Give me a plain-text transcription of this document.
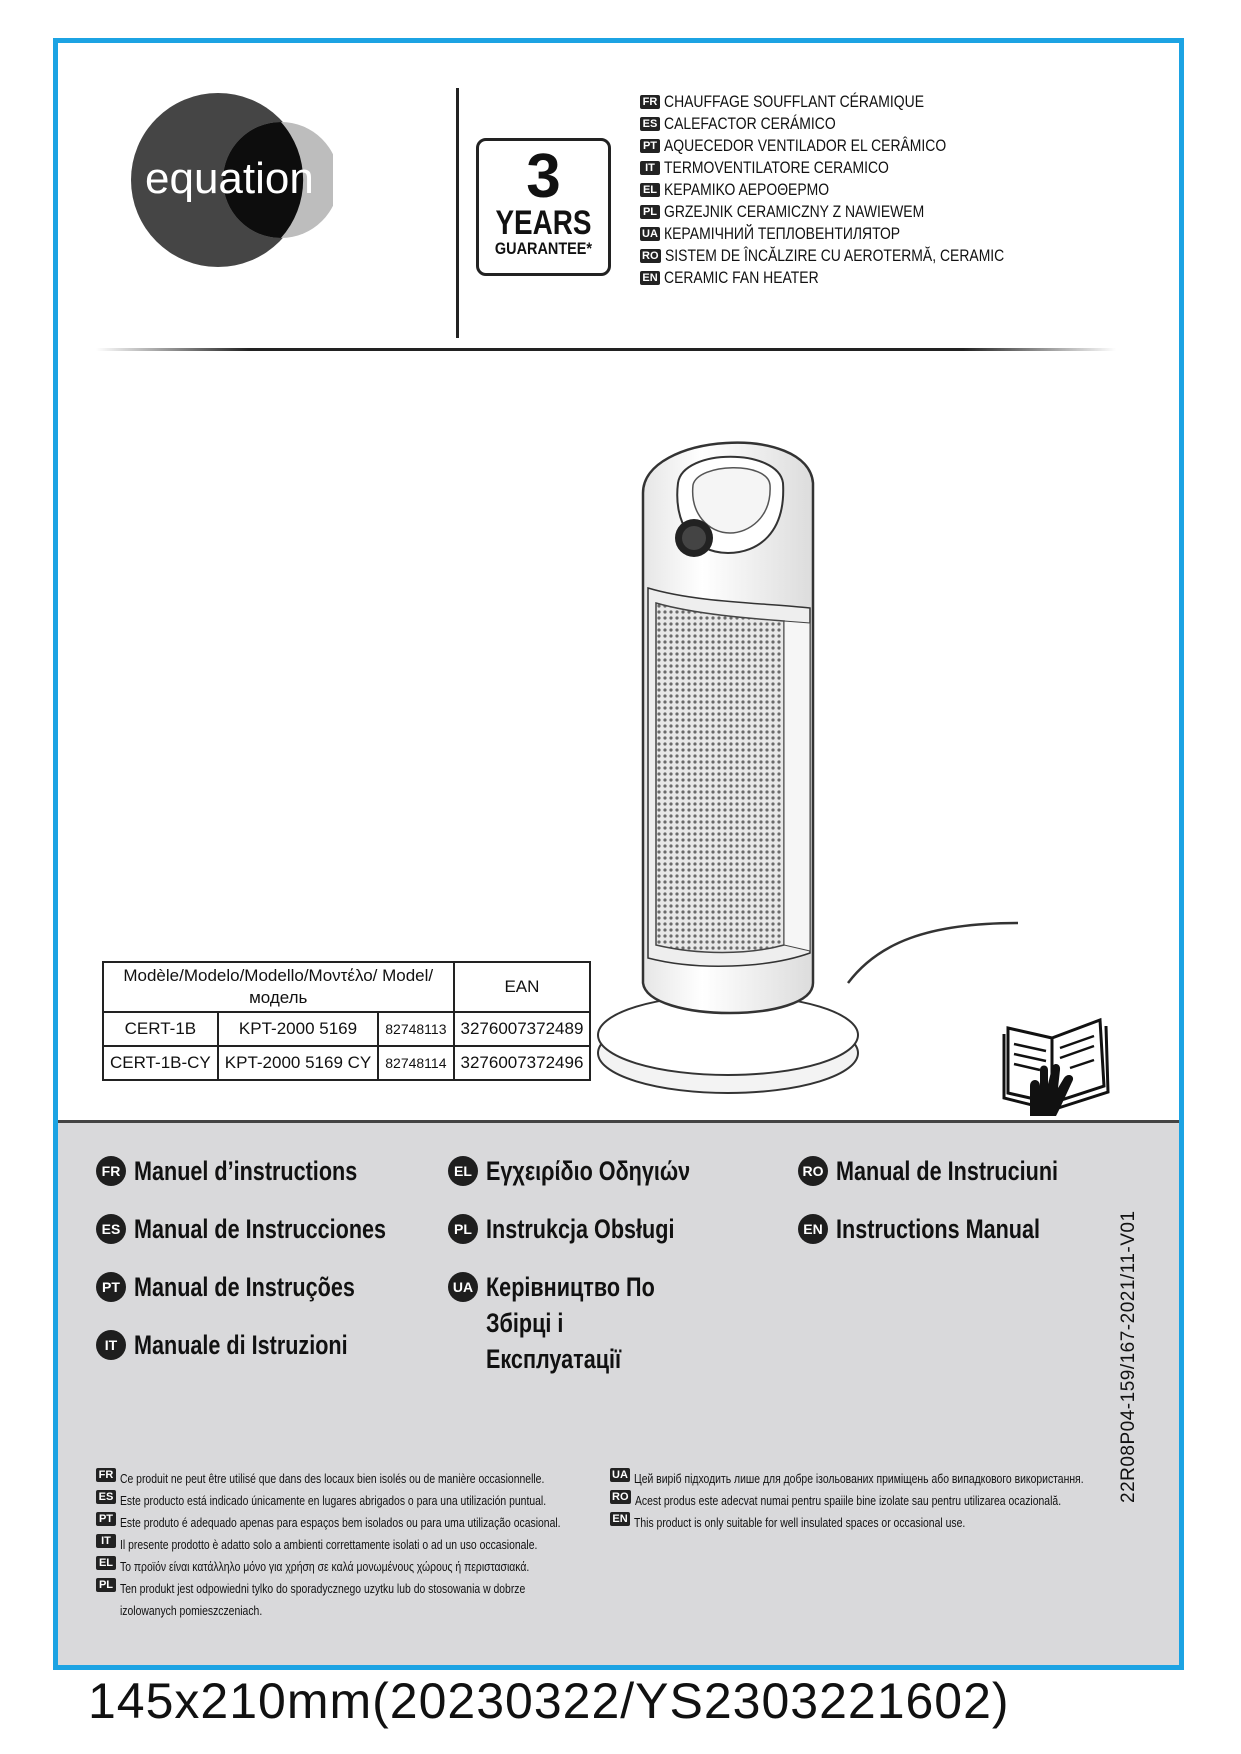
equation	3
YEARS
GUARANTEE*
FR CHAUFFAGE SOUFFLANT CÉRAMIQUE
ES CALEFACTOR CERÁMICO
PT AQUECEDOR VENTILADOR EL CERÂMICO
IT TERMOVENTILATORE CERAMICO
EL ΚΕΡΑΜΙΚΟ ΑΕΡΟΘΕΡΜΟ
PL GRZEJNIK CERAMICZNY Z NAWIEWEM
UA КЕРАМІЧНИЙ ТЕПЛОВЕНТИЛЯТОР
RO SISTEM DE ÎNCĂLZIRE CU AEROTERMĂ, CERAMIC
EN CERAMIC FAN HEATER
Modèle/Modelo/Modello/Μοντέλο/ Model/модель			EAN
CERT-1B	KPT-2000 5169	82748113	3276007372489
CERT-1B-CY	KPT-2000 5169 CY	82748114	3276007372496
FR Manuel d’instructions
ES Manual de Instrucciones
PT Manual de Instruções
IT Manuale di Istruzioni
EL Εγχειρίδιο Οδηγιών
PL Instrukcja Obsługi
UA Керівництво По Збірці і Експлуатації
RO Manual de Instruciuni
EN Instructions Manual
FR Ce produit ne peut être utilisé que dans des locaux bien isolés ou de manière occasionnelle.
ES Este producto está indicado únicamente en lugares abrigados o para una utilización puntual.
PT Este produto é adequado apenas para espaços bem isolados ou para uma utilização ocasional.
IT Il presente prodotto è adatto solo a ambienti correttamente isolati o ad un uso occasionale.
EL Το προϊόν είναι κατάλληλο μόνο για χρήση σε καλά μονωμένους χώρους ή περιστασιακά.
PL Ten produkt jest odpowiedni tylko do sporadycznego uzytku lub do stosowania w dobrze
izolowanych pomieszczeniach.
UA Цей виріб підходить лише для добре ізольованих приміщень або випадкового використання.
RO Acest produs este adecvat numai pentru spaiile bine izolate sau pentru utilizarea ocazională.
EN This product is only suitable for well insulated spaces or occasional use.
22R08P04-159/167-2021/11-V01
145x210mm(20230322/YS2303221602)
